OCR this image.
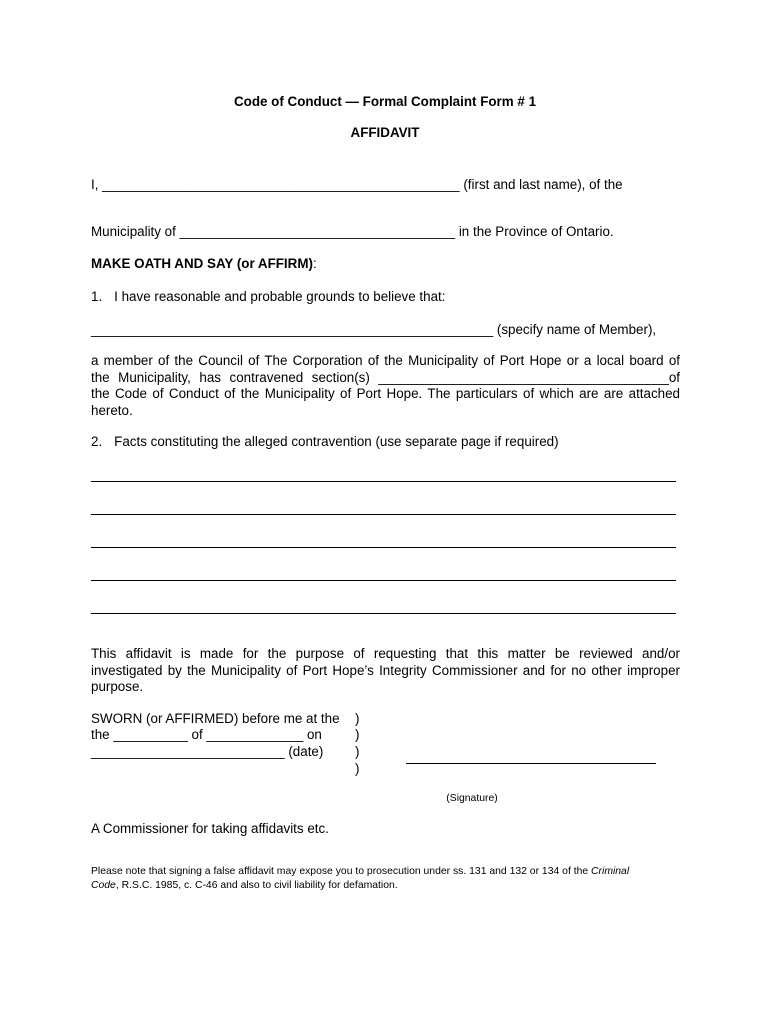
Code of Conduct — Formal Complaint Form # 1
AFFIDAVIT
I, ________________________________________________ (first and last name), of the
Municipality of _____________________________________ in the Province of Ontario.
MAKE OATH AND SAY (or AFFIRM):
1. I have reasonable and probable grounds to believe that:
______________________________________________________ (specify name of Member),
a member of the Council of The Corporation of the Municipality of Port Hope or a local board of
the Municipality, has contravened section(s) _______________________________________of
the Code of Conduct of the Municipality of Port Hope. The particulars of which are are attached
hereto.
2. Facts constituting the alleged contravention (use separate page if required)
This affidavit is made for the purpose of requesting that this matter be reviewed and/or
investigated by the Municipality of Port Hope’s Integrity Commissioner and for no other improper
purpose.
SWORN (or AFFIRMED) before me at the
the __________ of _____________ on
__________________________ (date)
)
)
)
)
(Signature)
A Commissioner for taking affidavits etc.
Please note that signing a false affidavit may expose you to prosecution under ss. 131 and 132 or 134 of the Criminal
Code, R.S.C. 1985, c. C-46 and also to civil liability for defamation.
